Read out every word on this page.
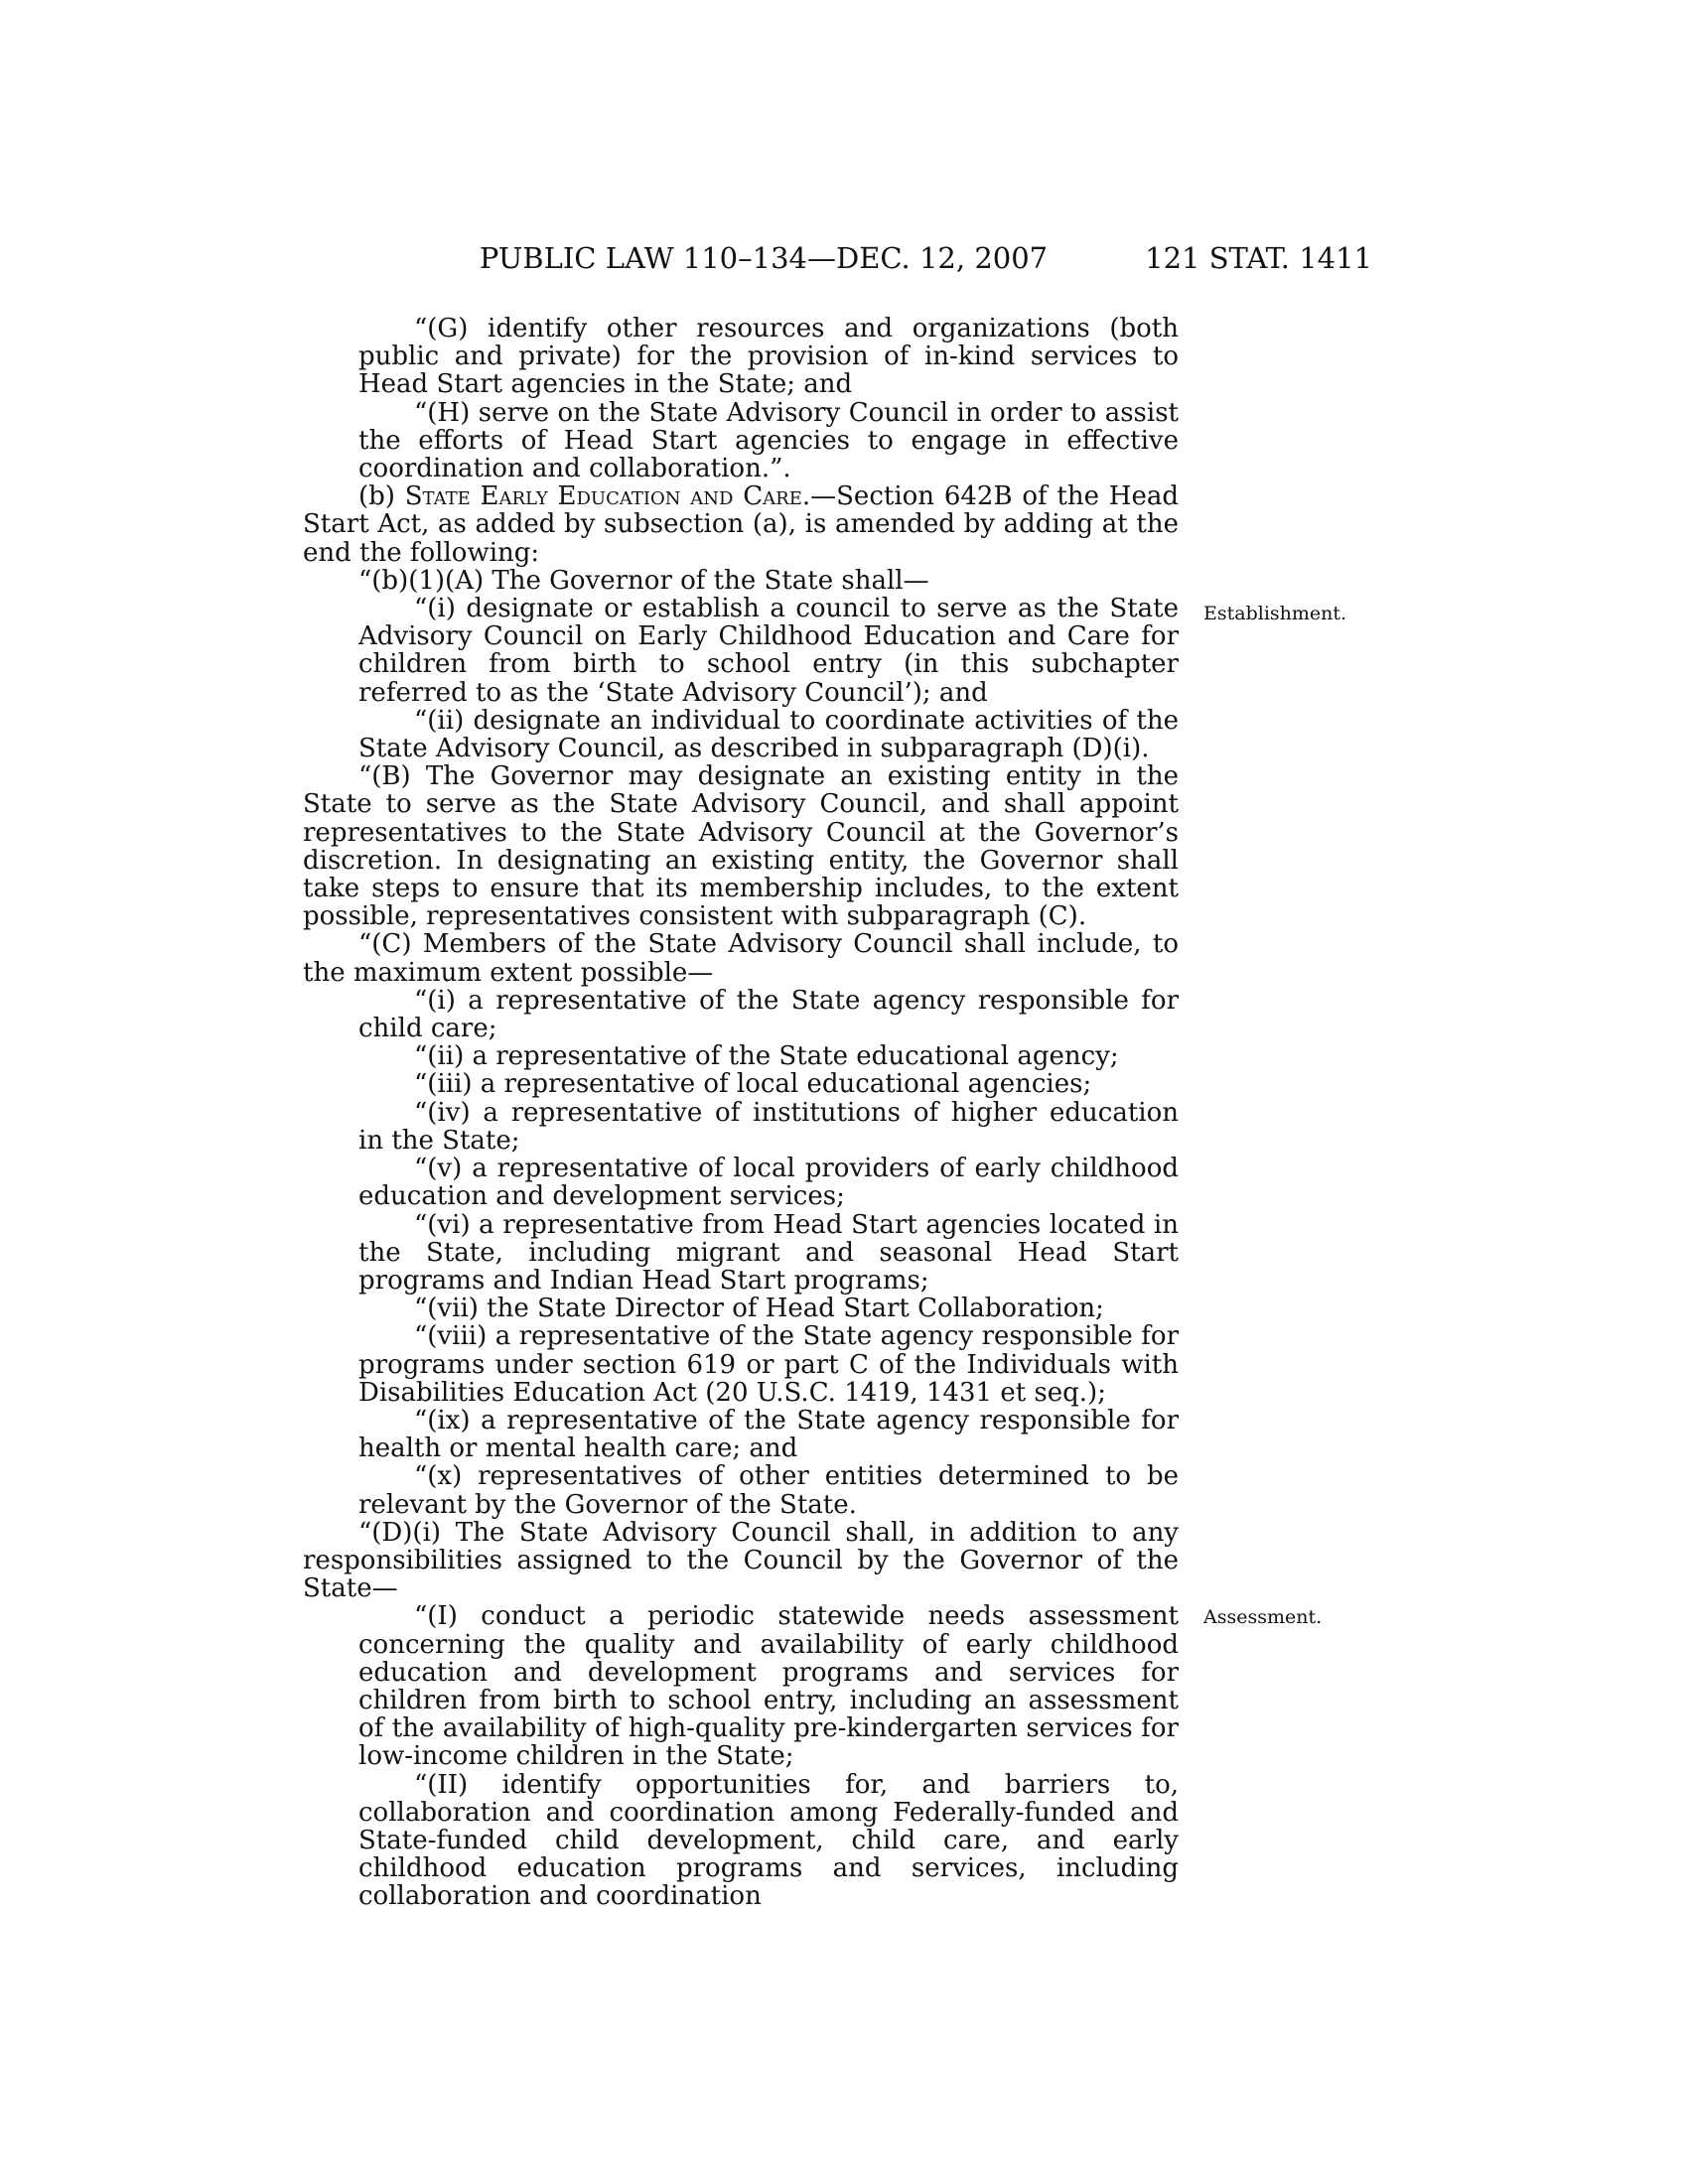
PUBLIC LAW 110–134—DEC. 12, 2007	121 STAT. 1411
Establishment.
Assessment.

“(G) identify other resources and organizations (both public and private) for the provision of in-kind services to Head Start agencies in the State; and

“(H) serve on the State Advisory Council in order to assist the efforts of Head Start agencies to engage in effective coordination and collaboration.”.

(b) State Early Education and Care.—Section 642B of the Head Start Act, as added by subsection (a), is amended by adding at the end the following:

“(b)(1)(A) The Governor of the State shall—

“(i) designate or establish a council to serve as the State Advisory Council on Early Childhood Education and Care for children from birth to school entry (in this subchapter referred to as the ‘State Advisory Council’); and

“(ii) designate an individual to coordinate activities of the State Advisory Council, as described in subparagraph (D)(i).

“(B) The Governor may designate an existing entity in the State to serve as the State Advisory Council, and shall appoint representatives to the State Advisory Council at the Governor’s discretion. In designating an existing entity, the Governor shall take steps to ensure that its membership includes, to the extent possible, representatives consistent with subparagraph (C).

“(C) Members of the State Advisory Council shall include, to the maximum extent possible—

“(i) a representative of the State agency responsible for child care;

“(ii) a representative of the State educational agency;

“(iii) a representative of local educational agencies;

“(iv) a representative of institutions of higher education in the State;

“(v) a representative of local providers of early childhood education and development services;

“(vi) a representative from Head Start agencies located in the State, including migrant and seasonal Head Start programs and Indian Head Start programs;

“(vii) the State Director of Head Start Collaboration;

“(viii) a representative of the State agency responsible for programs under section 619 or part C of the Individuals with Disabilities Education Act (20 U.S.C. 1419, 1431 et seq.);

“(ix) a representative of the State agency responsible for health or mental health care; and

“(x) representatives of other entities determined to be relevant by the Governor of the State.

“(D)(i) The State Advisory Council shall, in addition to any responsibilities assigned to the Council by the Governor of the State—

“(I) conduct a periodic statewide needs assessment concerning the quality and availability of early childhood education and development programs and services for children from birth to school entry, including an assessment of the availability of high-quality pre-kindergarten services for low-income children in the State;

“(II) identify opportunities for, and barriers to, collaboration and coordination among Federally-funded and State-funded child development, child care, and early childhood education programs and services, including collaboration and coordination
